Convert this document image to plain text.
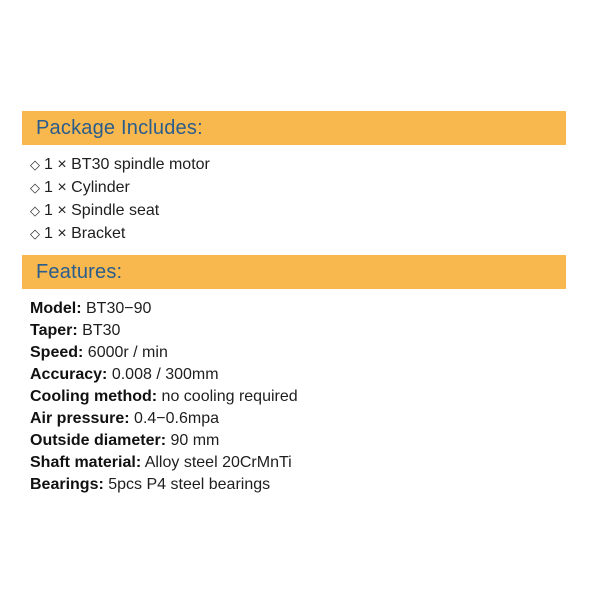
Package Includes:
◇ 1 × BT30 spindle motor
◇ 1 × Cylinder
◇ 1 × Spindle seat
◇ 1 × Bracket
Features:
Model: BT30−90
Taper: BT30
Speed: 6000r / min
Accuracy: 0.008 / 300mm
Cooling method: no cooling required
Air pressure: 0.4−0.6mpa
Outside diameter: 90 mm
Shaft material: Alloy steel 20CrMnTi
Bearings: 5pcs P4 steel bearings
